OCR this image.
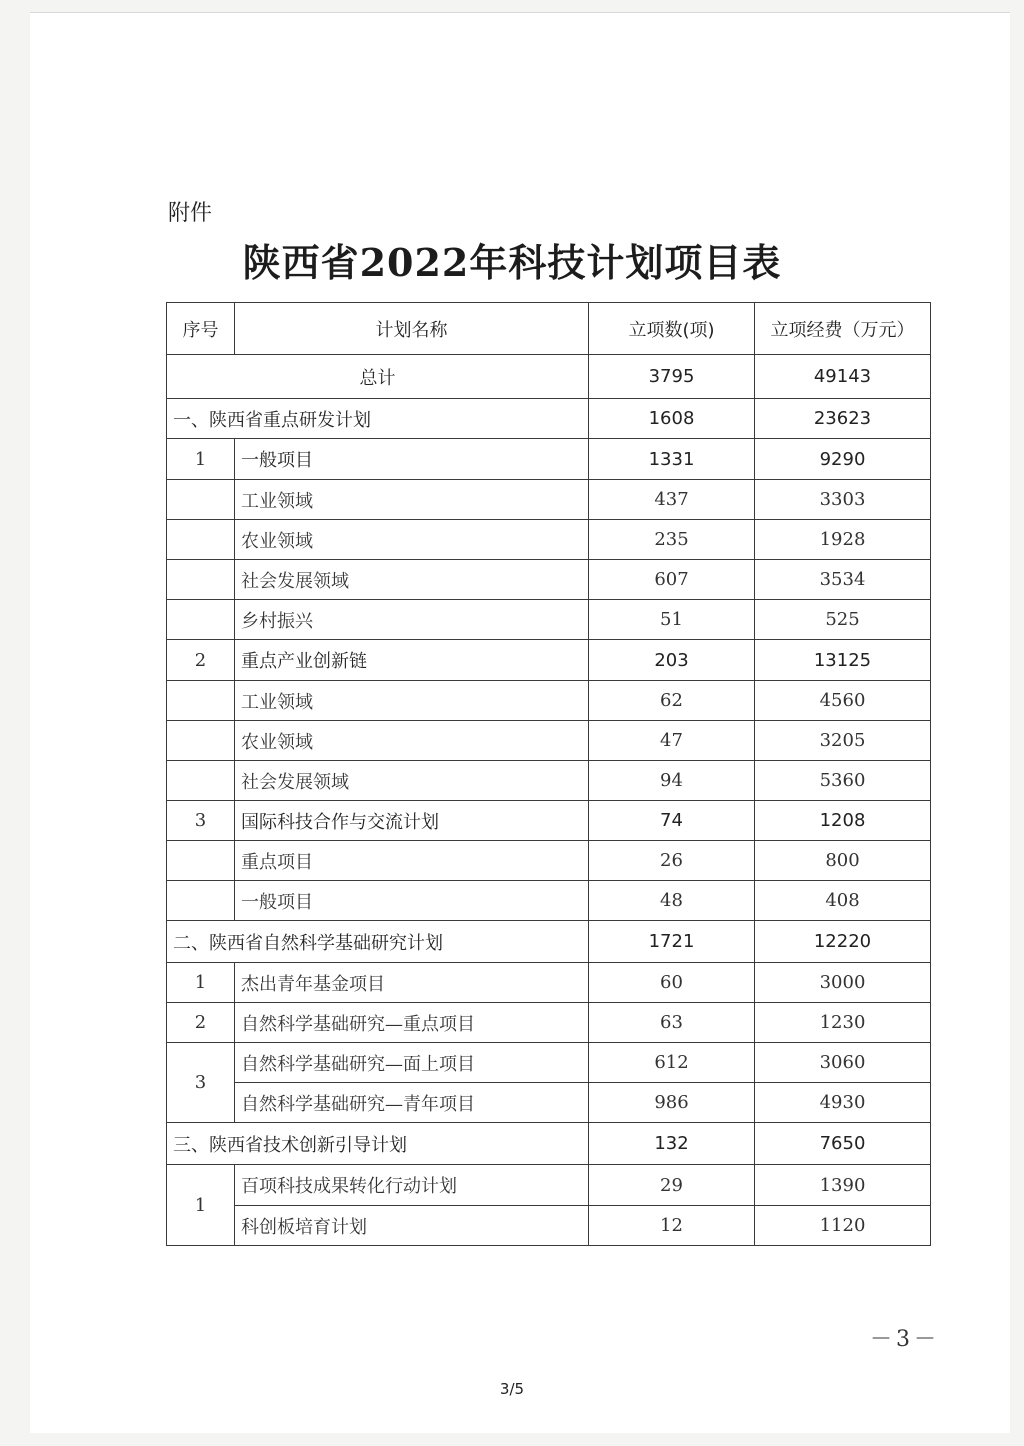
附件
陕西省2022年科技计划项目表
序号	计划名称	立项数(项)	立项经费（万元）
总计		3795	49143
一、陕西省重点研发计划		1608	23623
1	一般项目	1331	9290
	工业领域	437	3303
	农业领域	235	1928
	社会发展领域	607	3534
	乡村振兴	51	525
2	重点产业创新链	203	13125
	工业领域	62	4560
	农业领域	47	3205
	社会发展领域	94	5360
3	国际科技合作与交流计划	74	1208
	重点项目	26	800
	一般项目	48	408
二、陕西省自然科学基础研究计划		1721	12220
1	杰出青年基金项目	60	3000
2	自然科学基础研究—重点项目	63	1230
3	自然科学基础研究—面上项目	612	3060
	自然科学基础研究—青年项目	986	4930
三、陕西省技术创新引导计划		132	7650
1	百项科技成果转化行动计划	29	1390
	科创板培育计划	12	1120
－3－
3/5
